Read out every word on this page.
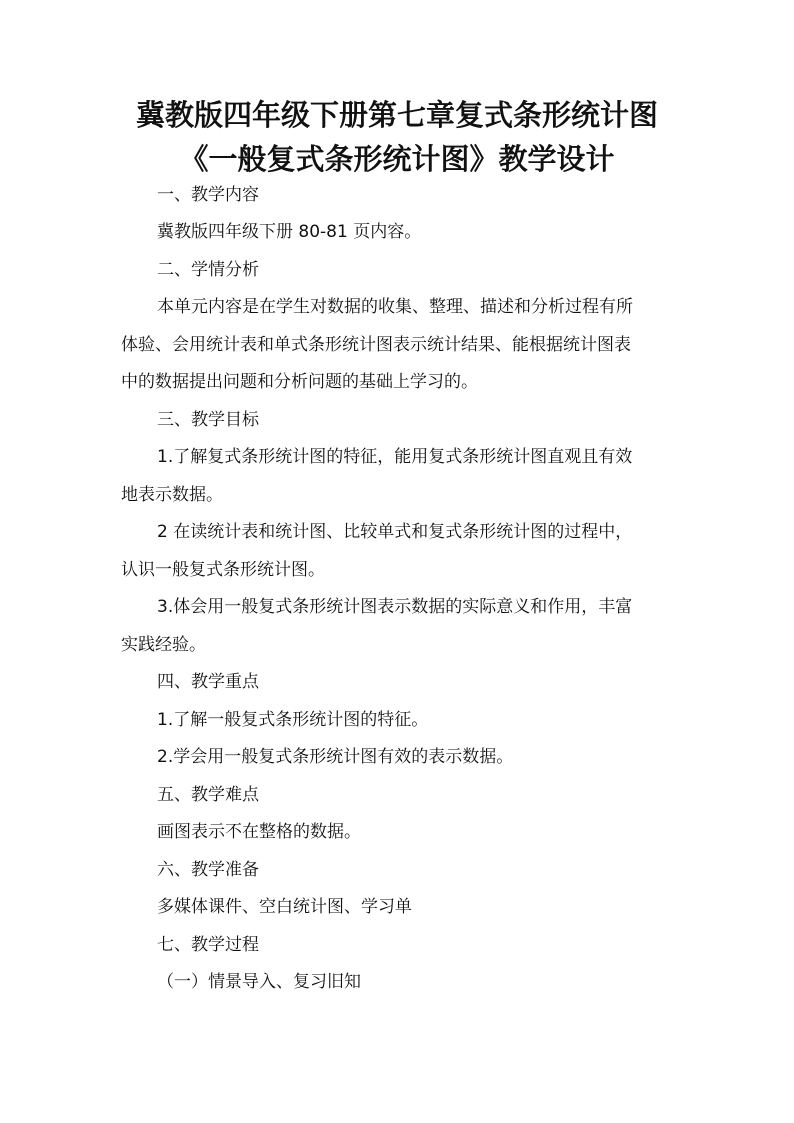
冀教版四年级下册第七章复式条形统计图
《一般复式条形统计图》教学设计
一、教学内容
冀教版四年级下册 80-81 页内容。
二、学情分析
本单元内容是在学生对数据的收集、整理、描述和分析过程有所
体验、会用统计表和单式条形统计图表示统计结果、能根据统计图表
中的数据提出问题和分析问题的基础上学习的。
三、教学目标
1.了解复式条形统计图的特征，能用复式条形统计图直观且有效
地表示数据。
2 在读统计表和统计图、比较单式和复式条形统计图的过程中，
认识一般复式条形统计图。
3.体会用一般复式条形统计图表示数据的实际意义和作用，丰富
实践经验。
四、教学重点
1.了解一般复式条形统计图的特征。
2.学会用一般复式条形统计图有效的表示数据。
五、教学难点
画图表示不在整格的数据。
六、教学准备
多媒体课件、空白统计图、学习单
七、教学过程
（一）情景导入、复习旧知
